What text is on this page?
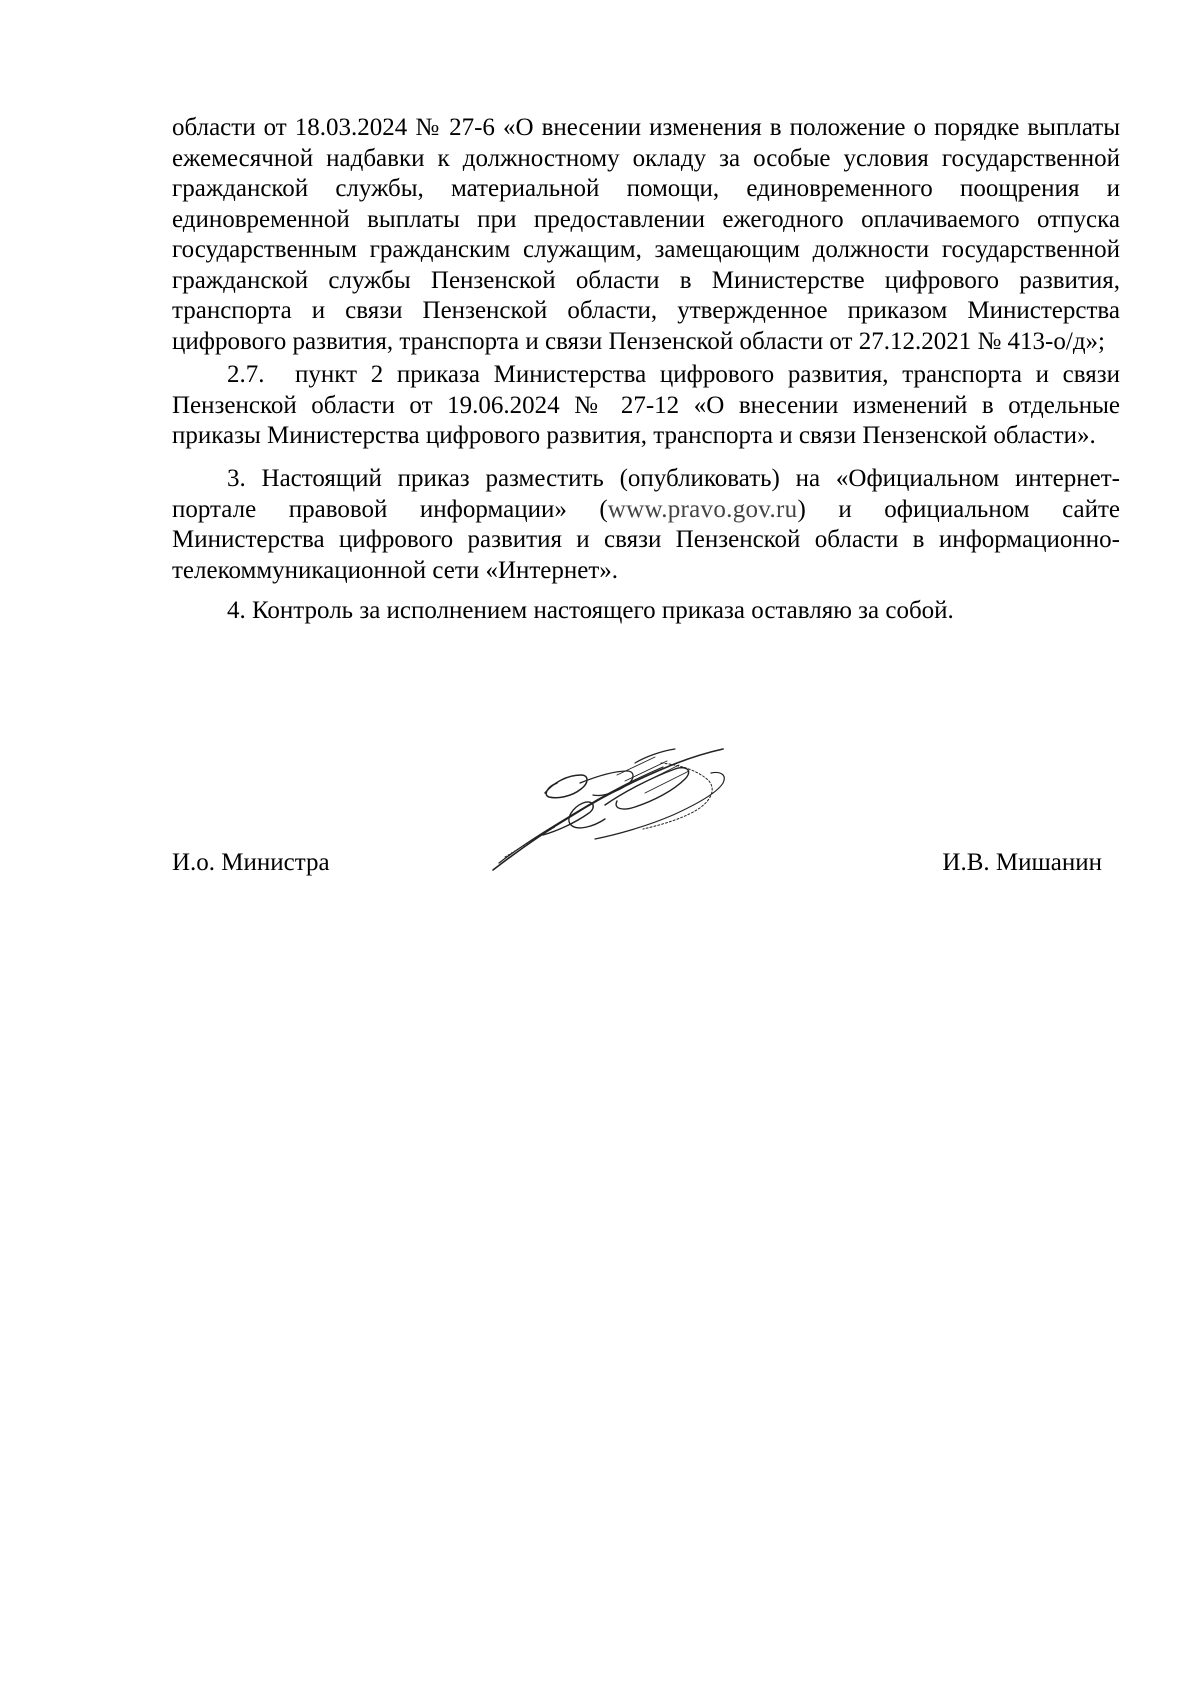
области от 18.03.2024 № 27-6 «О внесении изменения в положение о порядке выплаты ежемесячной надбавки к должностному окладу за особые условия государственной гражданской службы, материальной помощи, единовременного поощрения и единовременной выплаты при предоставлении ежегодного оплачиваемого отпуска государственным гражданским служащим, замещающим должности государственной гражданской службы Пензенской области в Министерстве цифрового развития, транспорта и связи Пензенской области, утвержденное приказом Министерства цифрового развития, транспорта и связи Пензенской области от 27.12.2021 № 413-о/д»;

2.7. пункт 2 приказа Министерства цифрового развития, транспорта и связи Пензенской области от 19.06.2024 № 27-12 «О внесении изменений в отдельные приказы Министерства цифрового развития, транспорта и связи Пензенской области».

3. Настоящий приказ разместить (опубликовать) на «Официальном интернет-портале правовой информации» (www.pravo.gov.ru) и официальном сайте Министерства цифрового развития и связи Пензенской области в информационно-телекоммуникационной сети «Интернет».

4. Контроль за исполнением настоящего приказа оставляю за собой.

И.о. Министра	И.В. Мишанин
